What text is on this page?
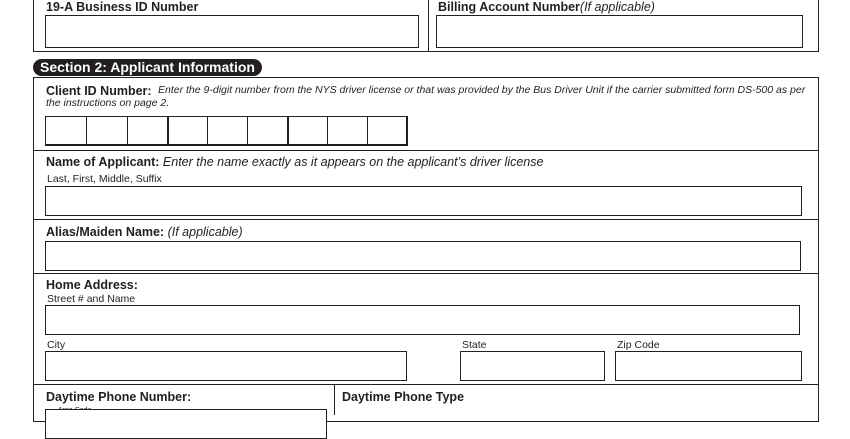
19-A Business ID Number	Billing Account Number(If applicable)
Section 2: Applicant Information
Client ID Number: Enter the 9-digit number from the NYS driver license or that was provided by the Bus Driver Unit if the carrier submitted form DS-500 as per the instructions on page 2.
Name of Applicant: Enter the name exactly as it appears on the applicant’s driver license
Last, First, Middle, Suffix
Alias/Maiden Name: (If applicable)
Home Address:
Street # and Name
City	State	Zip Code
Daytime Phone Number:	Daytime Phone Type
